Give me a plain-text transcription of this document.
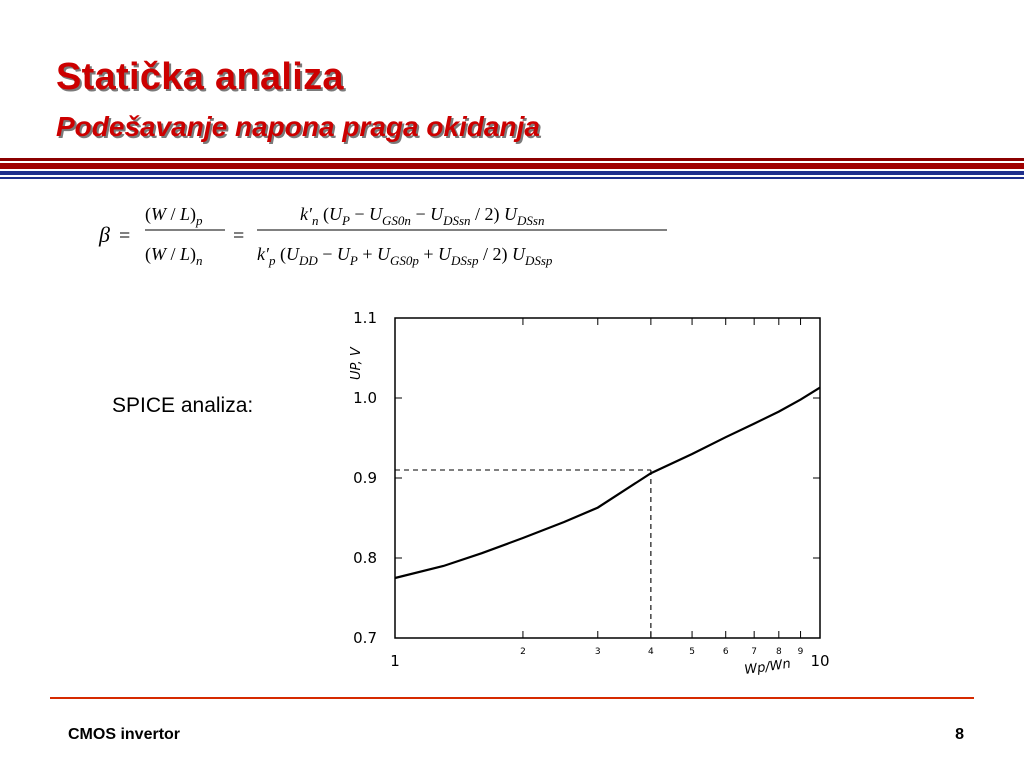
Statička analiza
Podešavanje napona praga okidanja
β =
$(W / L)_p$
$(W / L)_n$
=
$k'_n$ $(U_P - U_{GS0n} - U_{DSsn} / 2)$ $U_{DSsn}$
$k'_p$ $(U_{DD} - U_P + U_{GS0p} + U_{DSsp} / 2)$ $U_{DSsp}$
SPICE analiza:
0.7
0.8
0.9
1.0
1.1
1	2	3	4	5	6	7 8 9 10
UP, V
Wp/Wn
CMOS invertor	8
